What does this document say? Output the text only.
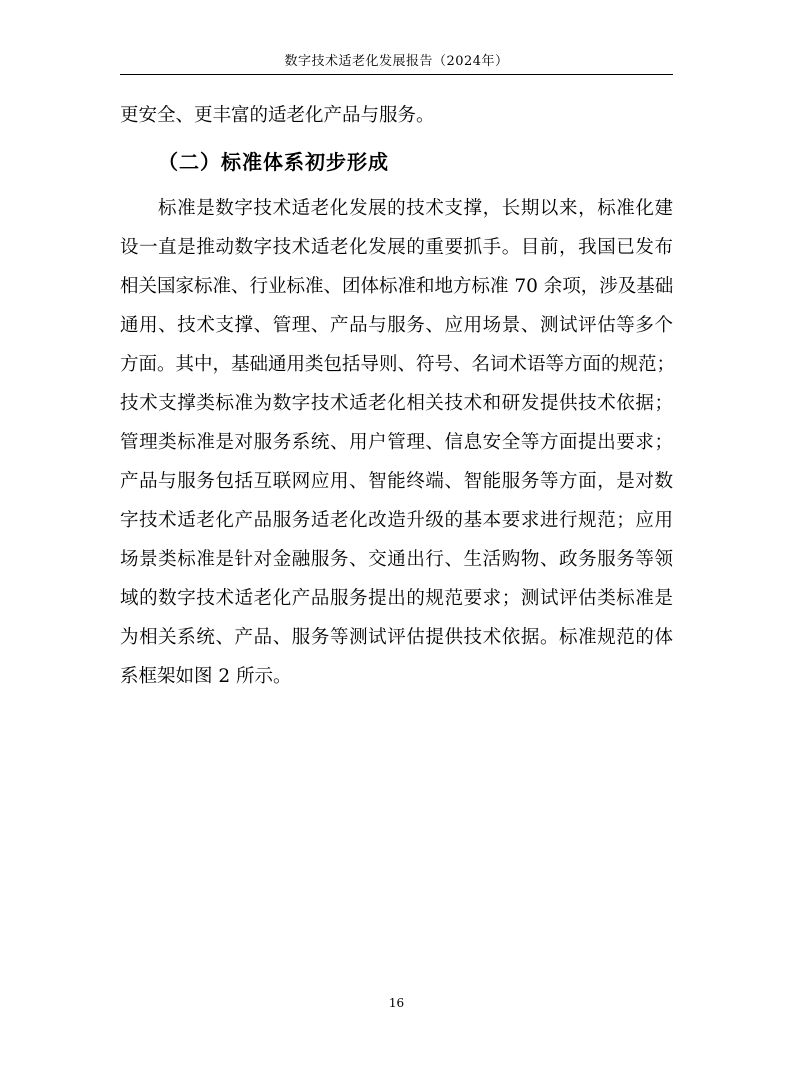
数字技术适老化发展报告（2024年）
更安全、更丰富的适老化产品与服务。
（二）标准体系初步形成
标准是数字技术适老化发展的技术支撑，长期以来，标准化建
设一直是推动数字技术适老化发展的重要抓手。目前，我国已发布
相关国家标准、行业标准、团体标准和地方标准 70 余项，涉及基础
通用、技术支撑、管理、产品与服务、应用场景、测试评估等多个
方面。其中，基础通用类包括导则、符号、名词术语等方面的规范；
技术支撑类标准为数字技术适老化相关技术和研发提供技术依据；
管理类标准是对服务系统、用户管理、信息安全等方面提出要求；
产品与服务包括互联网应用、智能终端、智能服务等方面，是对数
字技术适老化产品服务适老化改造升级的基本要求进行规范；应用
场景类标准是针对金融服务、交通出行、生活购物、政务服务等领
域的数字技术适老化产品服务提出的规范要求；测试评估类标准是
为相关系统、产品、服务等测试评估提供技术依据。标准规范的体
系框架如图 2 所示。
16
